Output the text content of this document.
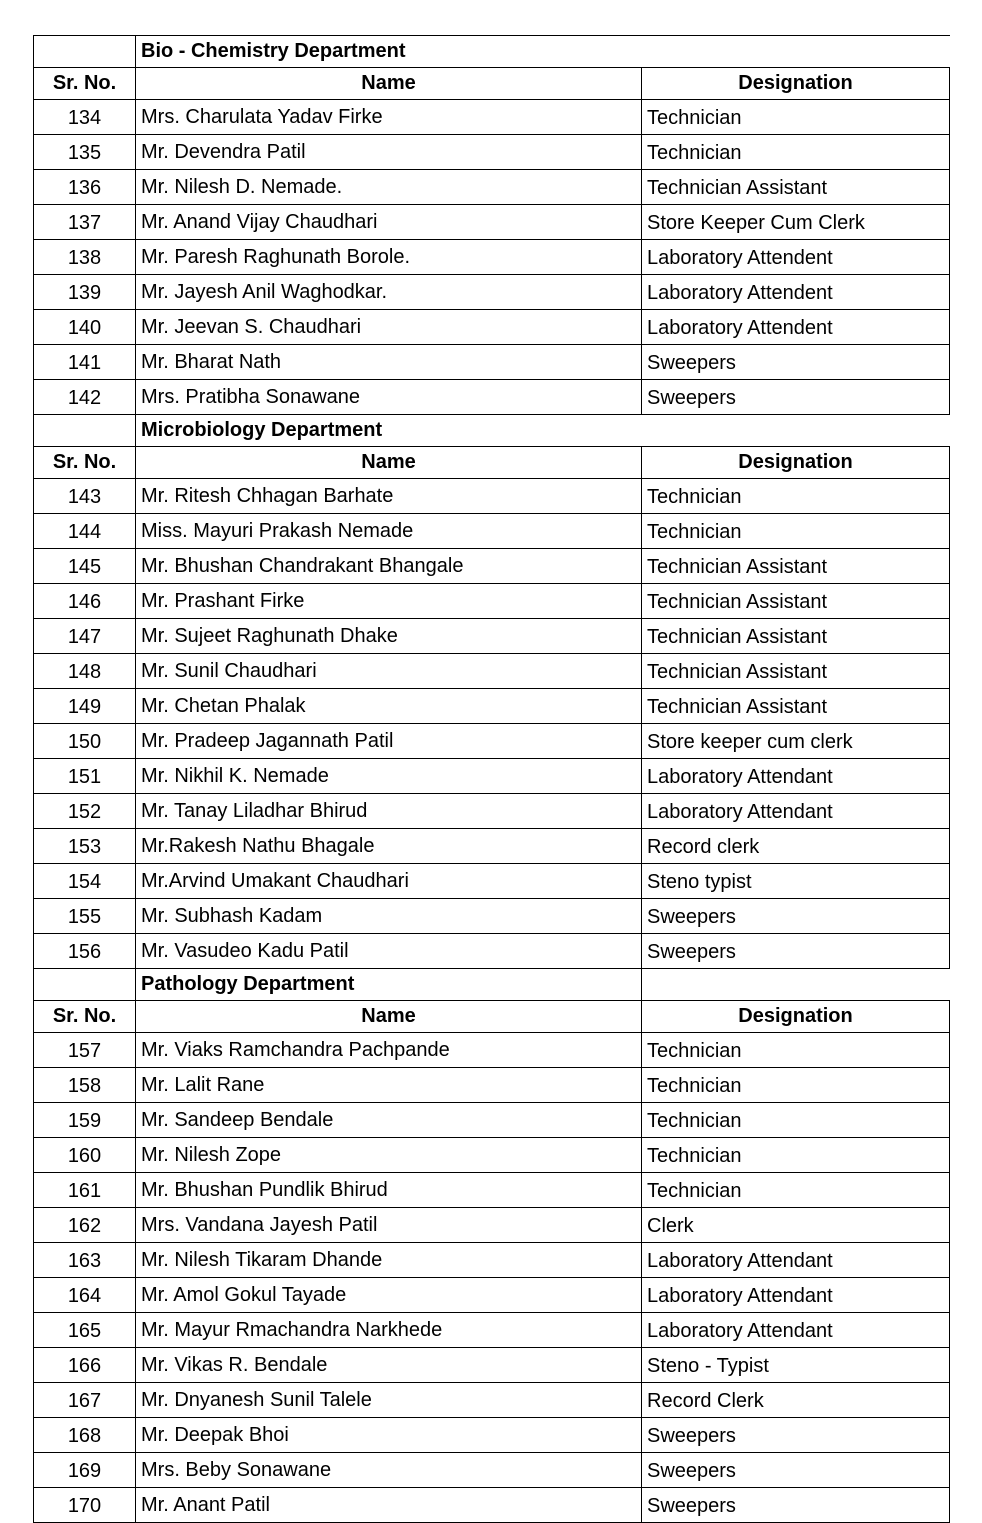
	Bio - Chemistry Department	
Sr. No.	Name	Designation
134	Mrs. Charulata Yadav Firke	Technician
135	Mr. Devendra Patil	Technician
136	Mr. Nilesh D. Nemade.	Technician Assistant
137	Mr. Anand Vijay Chaudhari	Store Keeper Cum Clerk
138	Mr. Paresh Raghunath Borole.	Laboratory Attendent
139	Mr. Jayesh Anil Waghodkar.	Laboratory Attendent
140	Mr. Jeevan S. Chaudhari	Laboratory Attendent
141	Mr. Bharat Nath	Sweepers
142	Mrs. Pratibha Sonawane	Sweepers
	Microbiology Department	
Sr. No.	Name	Designation
143	Mr. Ritesh Chhagan Barhate	Technician
144	Miss. Mayuri Prakash Nemade	Technician
145	Mr. Bhushan Chandrakant Bhangale	Technician Assistant
146	Mr. Prashant Firke	Technician Assistant
147	Mr. Sujeet Raghunath Dhake	Technician Assistant
148	Mr. Sunil Chaudhari	Technician Assistant
149	Mr. Chetan Phalak	Technician Assistant
150	Mr. Pradeep Jagannath Patil	Store keeper cum clerk
151	Mr. Nikhil K. Nemade	Laboratory Attendant
152	Mr. Tanay Liladhar Bhirud	Laboratory Attendant
153	Mr.Rakesh Nathu Bhagale	Record clerk
154	Mr.Arvind Umakant Chaudhari	Steno typist
155	Mr. Subhash Kadam	Sweepers
156	Mr. Vasudeo Kadu Patil	Sweepers
	Pathology Department	
Sr. No.	Name	Designation
157	Mr. Viaks Ramchandra Pachpande	Technician
158	Mr. Lalit Rane	Technician
159	Mr. Sandeep Bendale	Technician
160	Mr. Nilesh Zope	Technician
161	Mr. Bhushan Pundlik Bhirud	Technician
162	Mrs. Vandana Jayesh Patil	Clerk
163	Mr. Nilesh Tikaram Dhande	Laboratory Attendant
164	Mr. Amol Gokul Tayade	Laboratory Attendant
165	Mr. Mayur Rmachandra Narkhede	Laboratory Attendant
166	Mr. Vikas R. Bendale	Steno - Typist
167	Mr. Dnyanesh Sunil Talele	Record Clerk
168	Mr. Deepak Bhoi	Sweepers
169	Mrs. Beby Sonawane	Sweepers
170	Mr. Anant Patil	Sweepers
